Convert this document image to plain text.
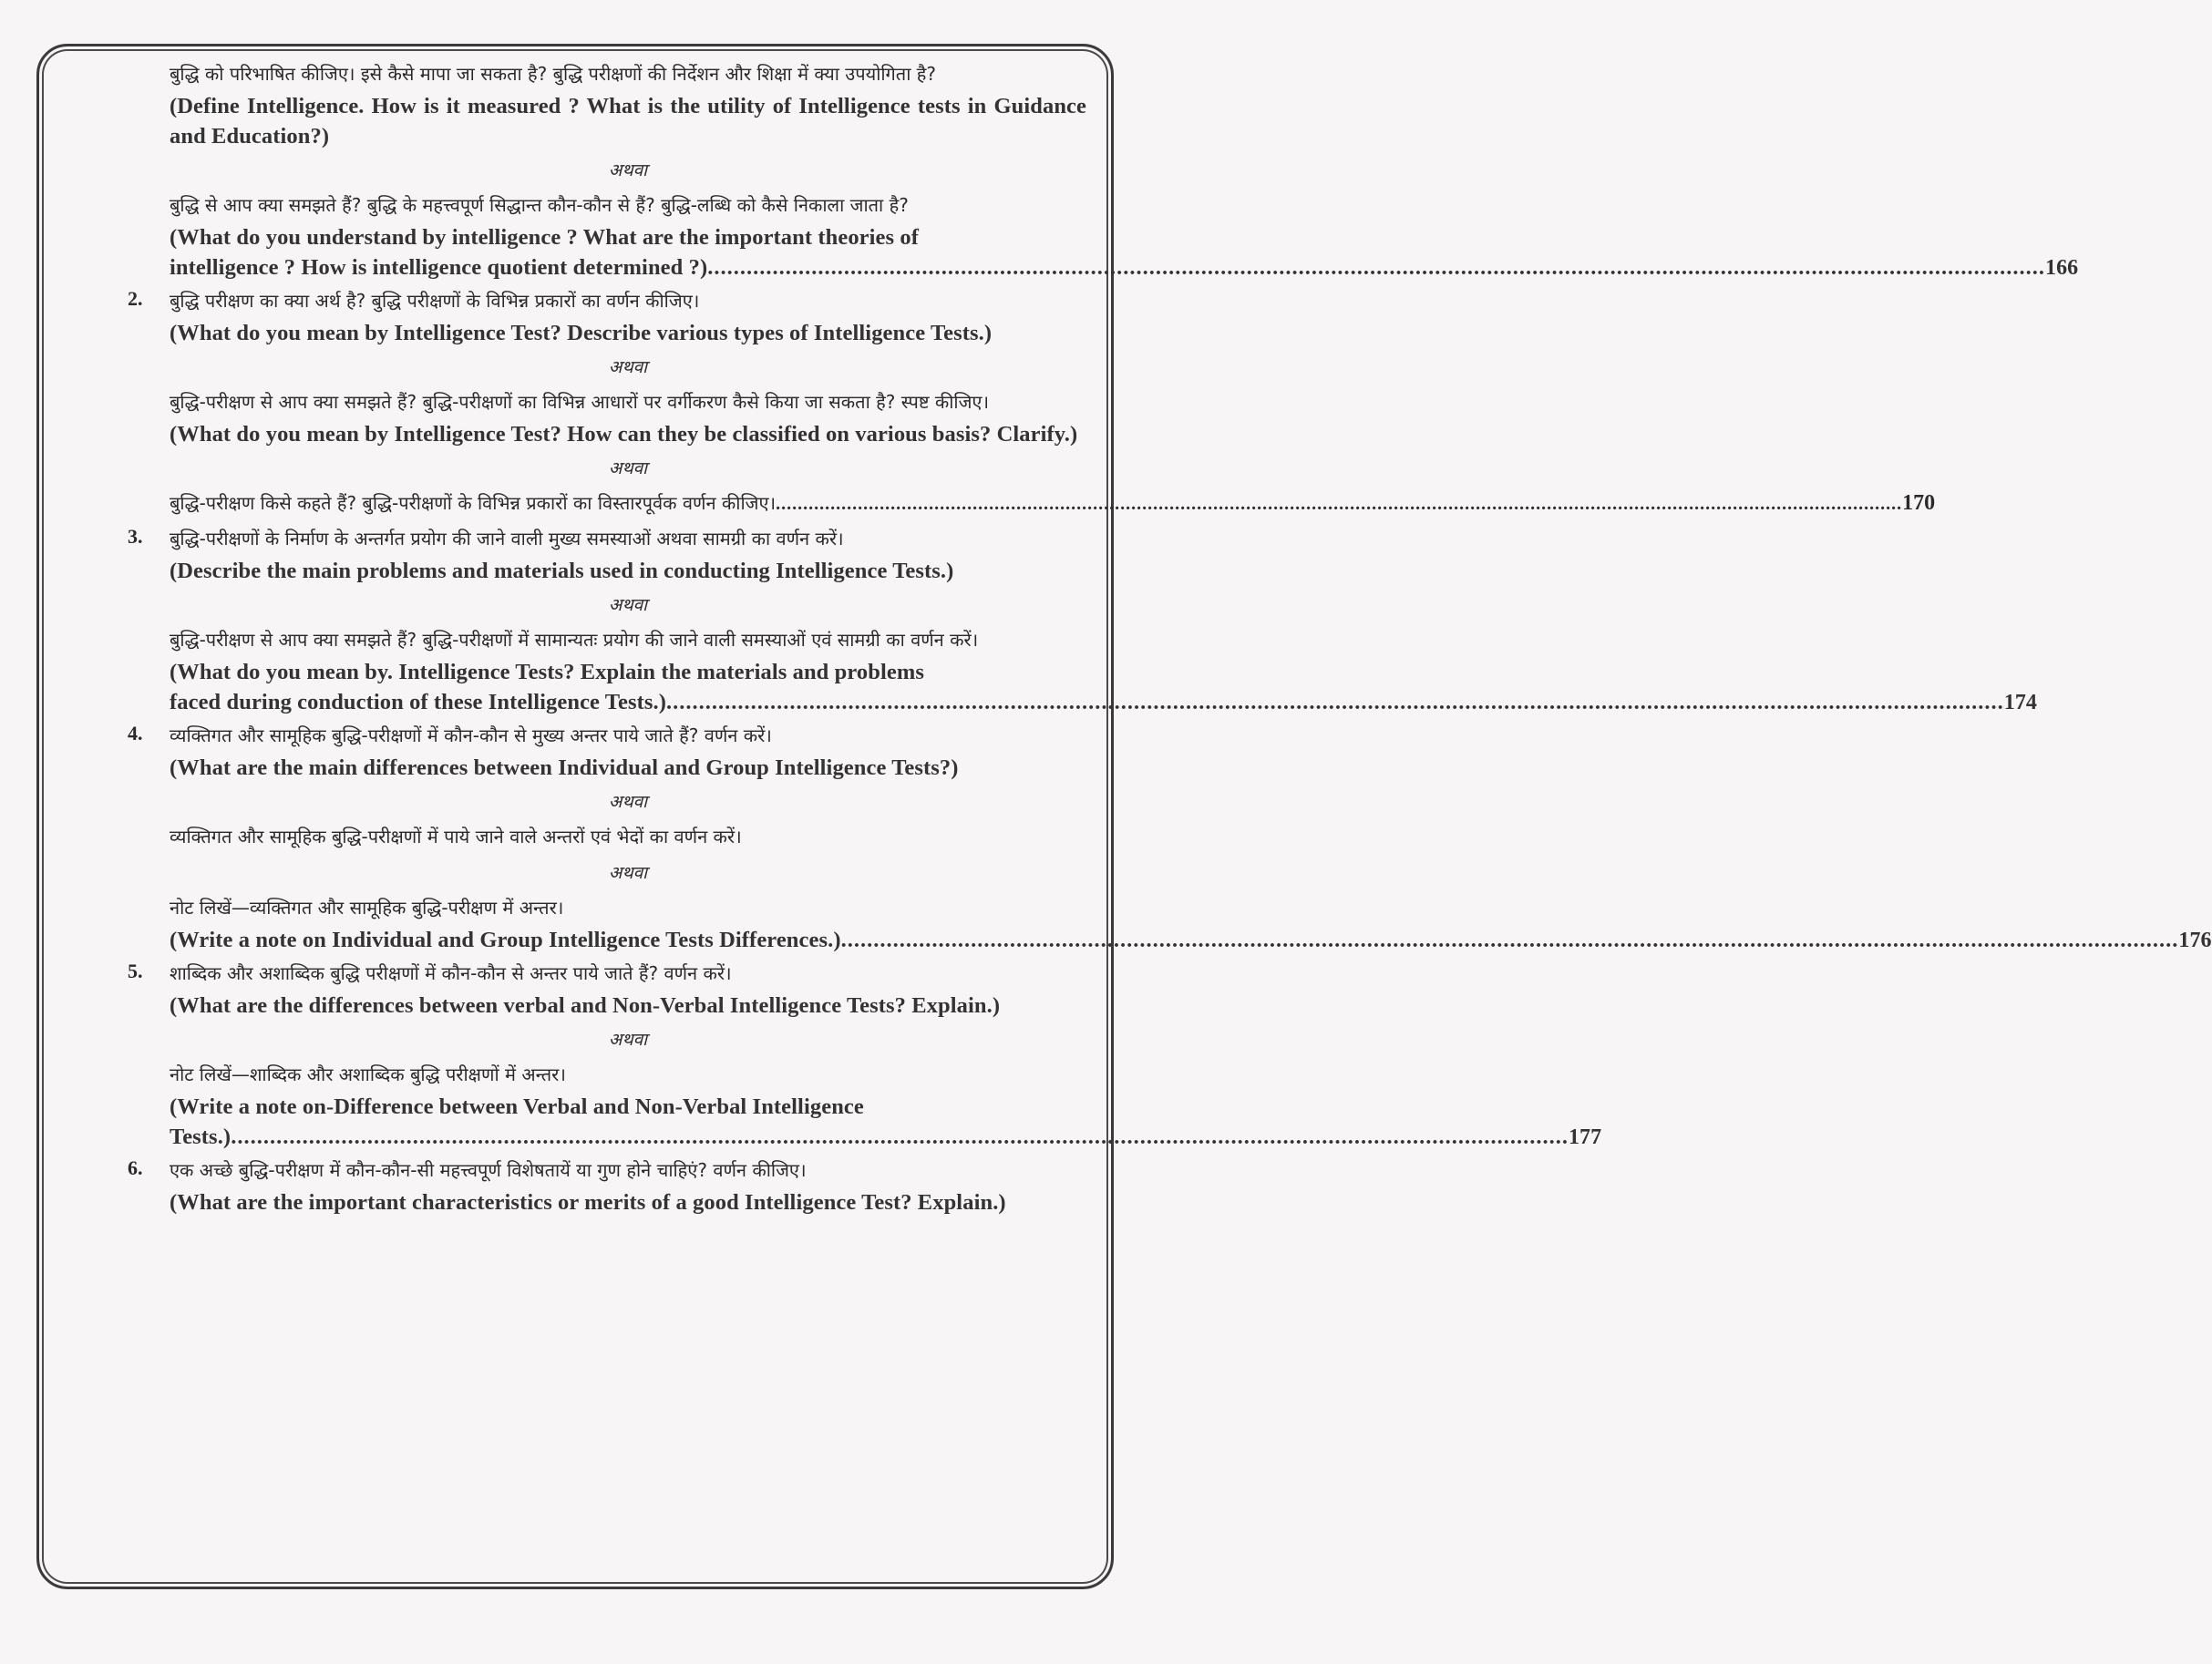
बुद्धि को परिभाषित कीजिए। इसे कैसे मापा जा सकता है? बुद्धि परीक्षणों की निर्देशन और शिक्षा में क्या उपयोगिता है?
(Define Intelligence. How is it measured ? What is the utility of Intelligence tests in Guidance and Education?)
अथवा
बुद्धि से आप क्या समझते हैं? बुद्धि के महत्त्वपूर्ण सिद्धान्त कौन-कौन से हैं? बुद्धि-लब्धि को कैसे निकाला जाता है?
(What do you understand by intelligence ? What are the important theories of
intelligence ? How is intelligence quotient determined ?) .............................................................................................................................................................................................................. 166
2. बुद्धि परीक्षण का क्या अर्थ है? बुद्धि परीक्षणों के विभिन्न प्रकारों का वर्णन कीजिए।
(What do you mean by Intelligence Test? Describe various types of Intelligence Tests.)
अथवा
बुद्धि-परीक्षण से आप क्या समझते हैं? बुद्धि-परीक्षणों का विभिन्न आधारों पर वर्गीकरण कैसे किया जा सकता है? स्पष्ट कीजिए।
(What do you mean by Intelligence Test? How can they be classified on various basis? Clarify.)
अथवा
बुद्धि-परीक्षण किसे कहते हैं? बुद्धि-परीक्षणों के विभिन्न प्रकारों का विस्तारपूर्वक वर्णन कीजिए। .............................................................................................................................................................................................................. 170
3. बुद्धि-परीक्षणों के निर्माण के अन्तर्गत प्रयोग की जाने वाली मुख्य समस्याओं अथवा सामग्री का वर्णन करें।
(Describe the main problems and materials used in conducting Intelligence Tests.)
अथवा
बुद्धि-परीक्षण से आप क्या समझते हैं? बुद्धि-परीक्षणों में सामान्यतः प्रयोग की जाने वाली समस्याओं एवं सामग्री का वर्णन करें।
(What do you mean by. Intelligence Tests? Explain the materials and problems
faced during conduction of these Intelligence Tests.) .............................................................................................................................................................................................................. 174
4. व्यक्तिगत और सामूहिक बुद्धि-परीक्षणों में कौन-कौन से मुख्य अन्तर पाये जाते हैं? वर्णन करें।
(What are the main differences between Individual and Group Intelligence Tests?)
अथवा
व्यक्तिगत और सामूहिक बुद्धि-परीक्षणों में पाये जाने वाले अन्तरों एवं भेदों का वर्णन करें।
अथवा
नोट लिखें—व्यक्तिगत और सामूहिक बुद्धि-परीक्षण में अन्तर।
(Write a note on Individual and Group Intelligence Tests Differences.) .............................................................................................................................................................................................................. 176
5. शाब्दिक और अशाब्दिक बुद्धि परीक्षणों में कौन-कौन से अन्तर पाये जाते हैं? वर्णन करें।
(What are the differences between verbal and Non-Verbal Intelligence Tests? Explain.)
अथवा
नोट लिखें—शाब्दिक और अशाब्दिक बुद्धि परीक्षणों में अन्तर।
(Write a note on-Difference between Verbal and Non-Verbal Intelligence
Tests.) .............................................................................................................................................................................................................. 177
6. एक अच्छे बुद्धि-परीक्षण में कौन-कौन-सी महत्त्वपूर्ण विशेषतायें या गुण होने चाहिएं? वर्णन कीजिए।
(What are the important characteristics or merits of a good Intelligence Test? Explain.)
